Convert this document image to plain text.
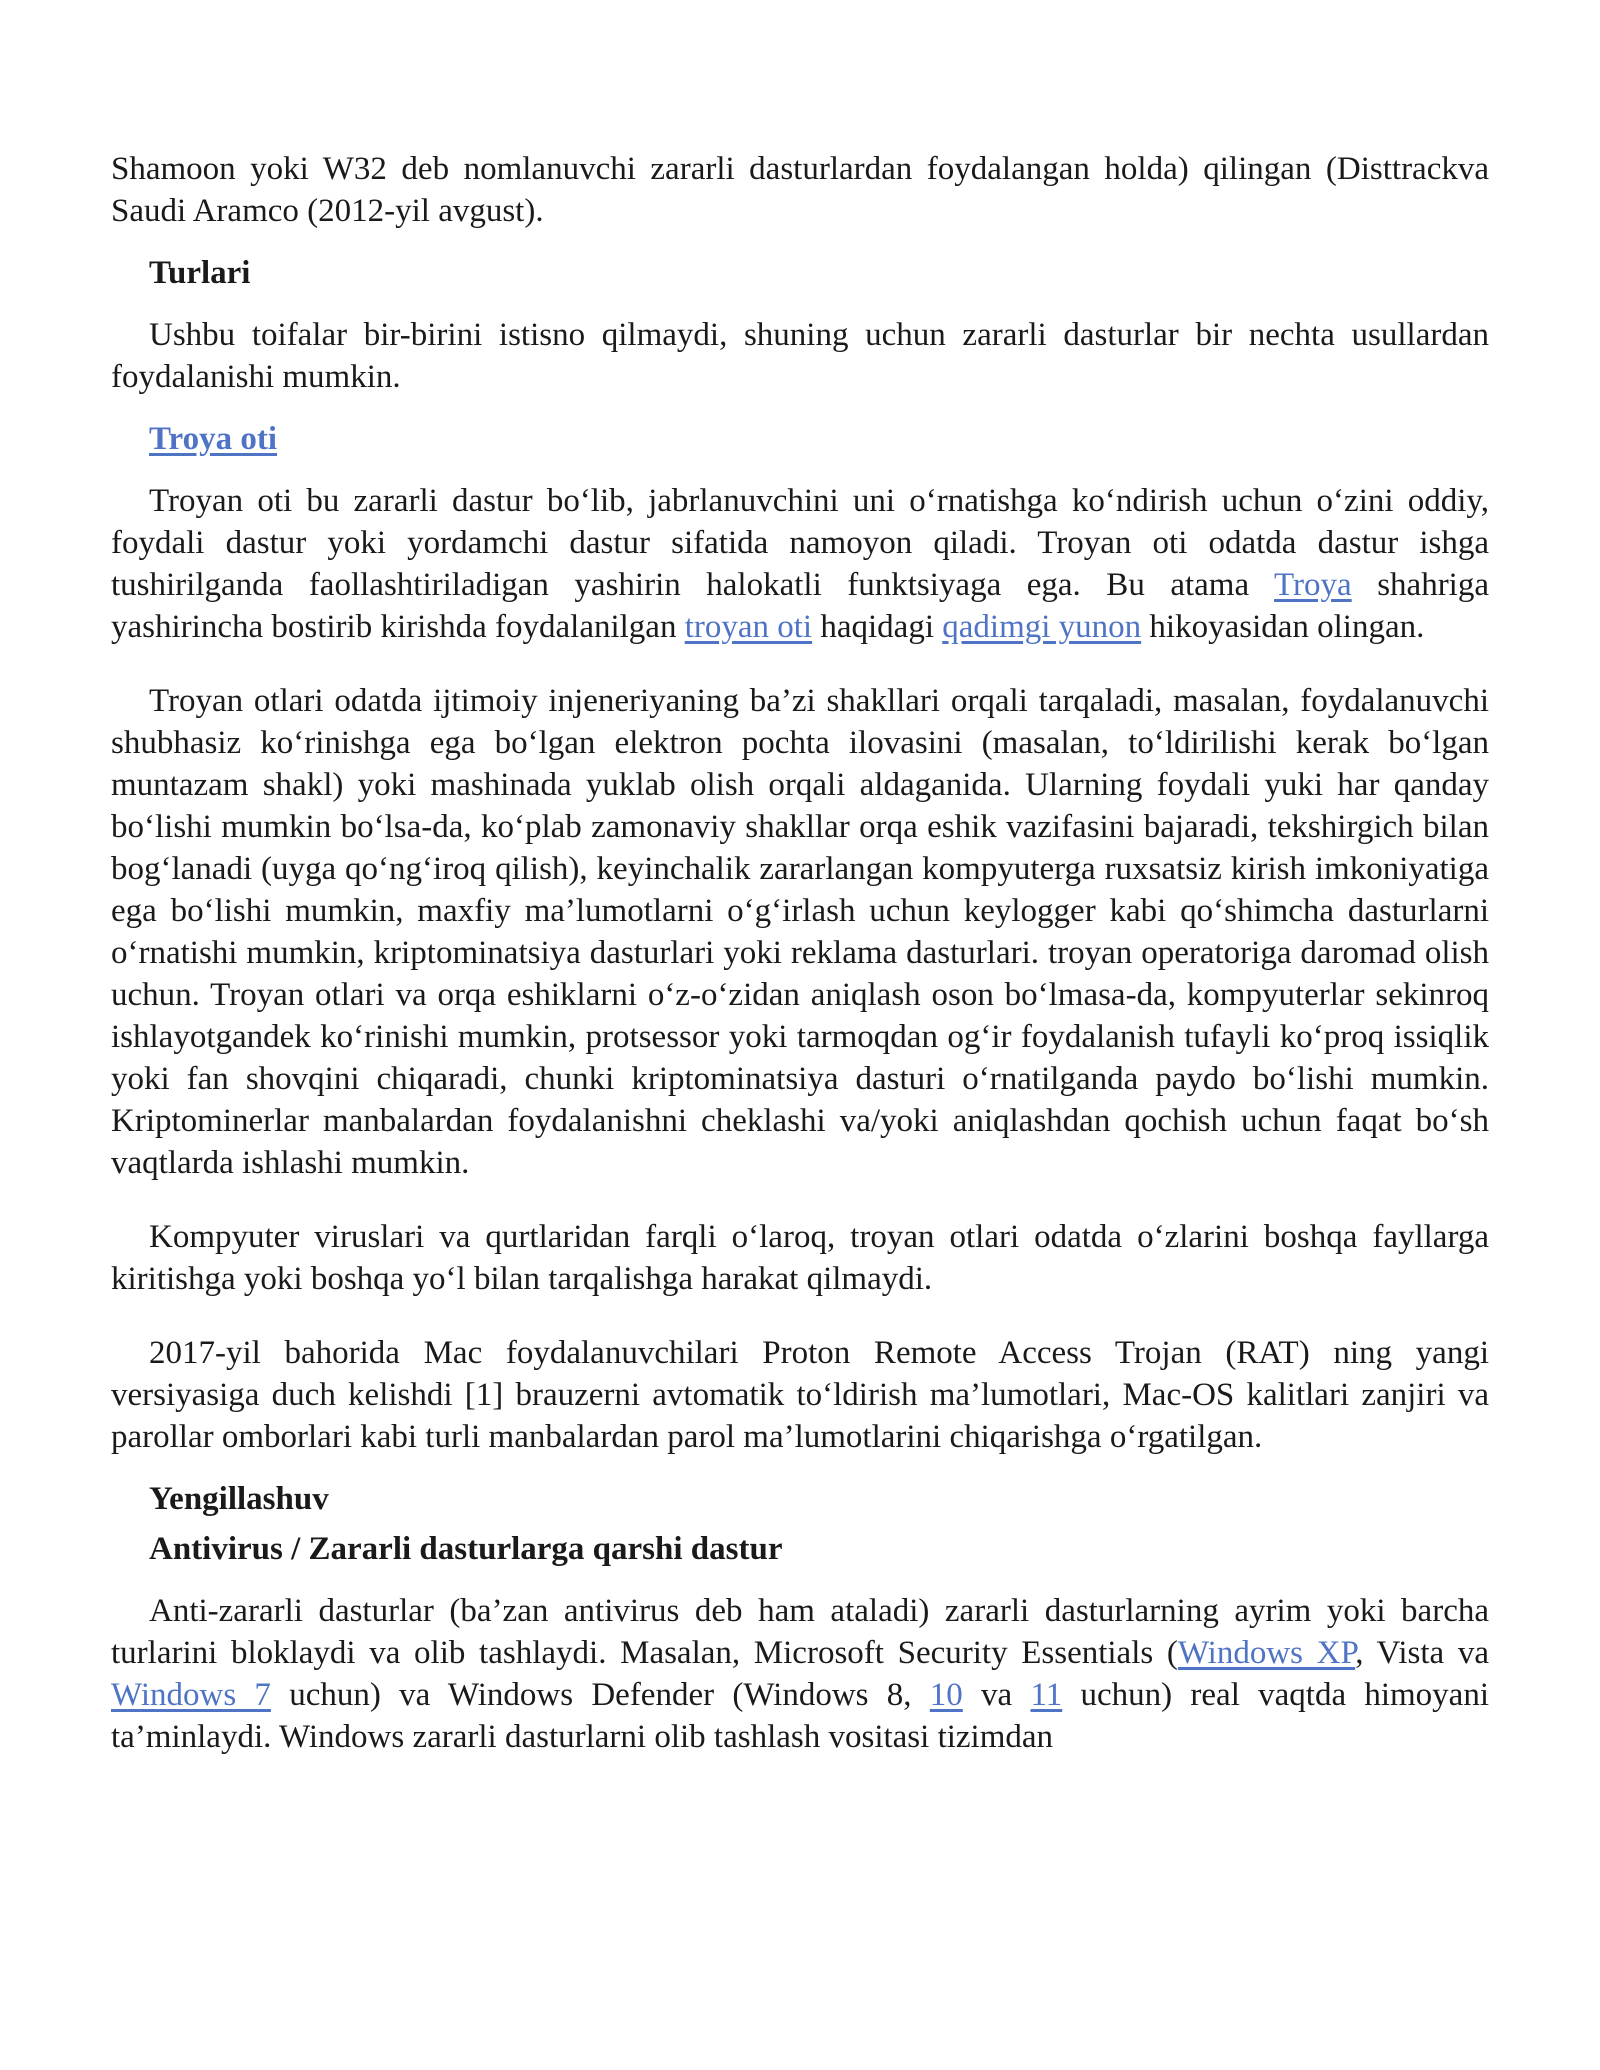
Shamoon yoki W32 deb nomlanuvchi zararli dasturlardan foydalangan holda) qilingan (Disttrackva Saudi Aramco (2012-yil avgust).

Turlari

Ushbu toifalar bir-birini istisno qilmaydi, shuning uchun zararli dasturlar bir nechta usullardan foydalanishi mumkin.

Troya oti

Troyan oti bu zararli dastur bo‘lib, jabrlanuvchini uni o‘rnatishga ko‘ndirish uchun o‘zini oddiy, foydali dastur yoki yordamchi dastur sifatida namoyon qiladi. Troyan oti odatda dastur ishga tushirilganda faollashtiriladigan yashirin halokatli funktsiyaga ega. Bu atama Troya shahriga yashirincha bostirib kirishda foydalanilgan troyan oti haqidagi qadimgi yunon hikoyasidan olingan.

Troyan otlari odatda ijtimoiy injeneriyaning ba’zi shakllari orqali tarqaladi, masalan, foydalanuvchi shubhasiz ko‘rinishga ega bo‘lgan elektron pochta ilovasini (masalan, to‘ldirilishi kerak bo‘lgan muntazam shakl) yoki mashinada yuklab olish orqali aldaganida. Ularning foydali yuki har qanday bo‘lishi mumkin bo‘lsa-da, ko‘plab zamonaviy shakllar orqa eshik vazifasini bajaradi, tekshirgich bilan bog‘lanadi (uyga qo‘ng‘iroq qilish), keyinchalik zararlangan kompyuterga ruxsatsiz kirish imkoniyatiga ega bo‘lishi mumkin, maxfiy ma’lumotlarni o‘g‘irlash uchun keylogger kabi qo‘shimcha dasturlarni o‘rnatishi mumkin, kriptominatsiya dasturlari yoki reklama dasturlari. troyan operatoriga daromad olish uchun. Troyan otlari va orqa eshiklarni o‘z-o‘zidan aniqlash oson bo‘lmasa-da, kompyuterlar sekinroq ishlayotgandek ko‘rinishi mumkin, protsessor yoki tarmoqdan og‘ir foydalanish tufayli ko‘proq issiqlik yoki fan shovqini chiqaradi, chunki kriptominatsiya dasturi o‘rnatilganda paydo bo‘lishi mumkin. Kriptominerlar manbalardan foydalanishni cheklashi va/yoki aniqlashdan qochish uchun faqat bo‘sh vaqtlarda ishlashi mumkin.

Kompyuter viruslari va qurtlaridan farqli o‘laroq, troyan otlari odatda o‘zlarini boshqa fayllarga kiritishga yoki boshqa yo‘l bilan tarqalishga harakat qilmaydi.

2017-yil bahorida Mac foydalanuvchilari Proton Remote Access Trojan (RAT) ning yangi versiyasiga duch kelishdi [1] brauzerni avtomatik to‘ldirish ma’lumotlari, Mac-OS kalitlari zanjiri va parollar omborlari kabi turli manbalardan parol ma’lumotlarini chiqarishga o‘rgatilgan.

Yengillashuv
Antivirus / Zararli dasturlarga qarshi dastur

Anti-zararli dasturlar (ba’zan antivirus deb ham ataladi) zararli dasturlarning ayrim yoki barcha turlarini bloklaydi va olib tashlaydi. Masalan, Microsoft Security Essentials (Windows XP, Vista va Windows 7 uchun) va Windows Defender (Windows 8, 10 va 11 uchun) real vaqtda himoyani ta’minlaydi. Windows zararli dasturlarni olib tashlash vositasi tizimdan
